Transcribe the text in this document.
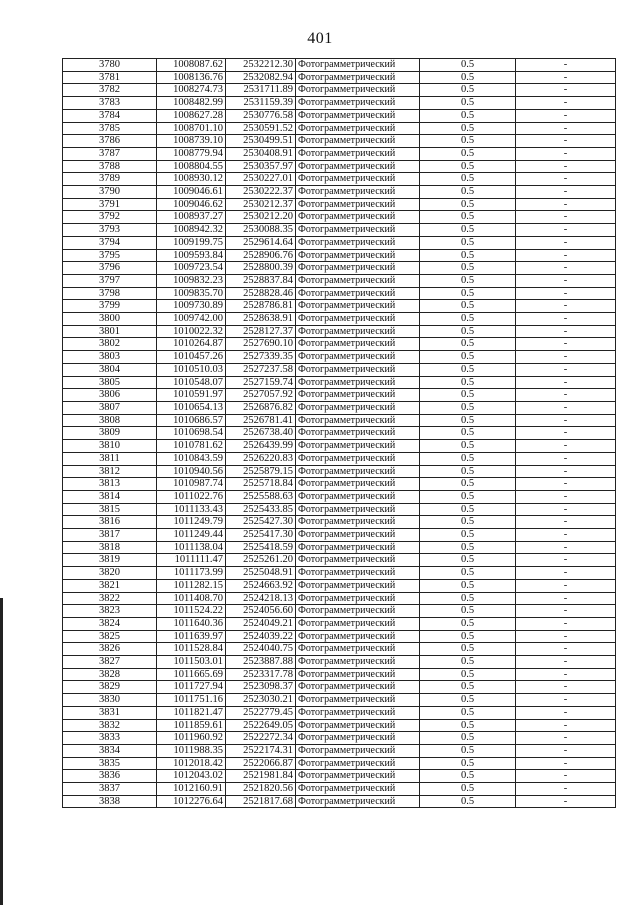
401
3780	1008087.62	2532212.30	Фотограмметрический	0.5	-
3781	1008136.76	2532082.94	Фотограмметрический	0.5	-
3782	1008274.73	2531711.89	Фотограмметрический	0.5	-
3783	1008482.99	2531159.39	Фотограмметрический	0.5	-
3784	1008627.28	2530776.58	Фотограмметрический	0.5	-
3785	1008701.10	2530591.52	Фотограмметрический	0.5	-
3786	1008739.10	2530499.51	Фотограмметрический	0.5	-
3787	1008779.94	2530408.91	Фотограмметрический	0.5	-
3788	1008804.55	2530357.97	Фотограмметрический	0.5	-
3789	1008930.12	2530227.01	Фотограмметрический	0.5	-
3790	1009046.61	2530222.37	Фотограмметрический	0.5	-
3791	1009046.62	2530212.37	Фотограмметрический	0.5	-
3792	1008937.27	2530212.20	Фотограмметрический	0.5	-
3793	1008942.32	2530088.35	Фотограмметрический	0.5	-
3794	1009199.75	2529614.64	Фотограмметрический	0.5	-
3795	1009593.84	2528906.76	Фотограмметрический	0.5	-
3796	1009723.54	2528800.39	Фотограмметрический	0.5	-
3797	1009832.23	2528837.84	Фотограмметрический	0.5	-
3798	1009835.70	2528828.46	Фотограмметрический	0.5	-
3799	1009730.89	2528786.81	Фотограмметрический	0.5	-
3800	1009742.00	2528638.91	Фотограмметрический	0.5	-
3801	1010022.32	2528127.37	Фотограмметрический	0.5	-
3802	1010264.87	2527690.10	Фотограмметрический	0.5	-
3803	1010457.26	2527339.35	Фотограмметрический	0.5	-
3804	1010510.03	2527237.58	Фотограмметрический	0.5	-
3805	1010548.07	2527159.74	Фотограмметрический	0.5	-
3806	1010591.97	2527057.92	Фотограмметрический	0.5	-
3807	1010654.13	2526876.82	Фотограмметрический	0.5	-
3808	1010686.57	2526781.41	Фотограмметрический	0.5	-
3809	1010698.54	2526738.40	Фотограмметрический	0.5	-
3810	1010781.62	2526439.99	Фотограмметрический	0.5	-
3811	1010843.59	2526220.83	Фотограмметрический	0.5	-
3812	1010940.56	2525879.15	Фотограмметрический	0.5	-
3813	1010987.74	2525718.84	Фотограмметрический	0.5	-
3814	1011022.76	2525588.63	Фотограмметрический	0.5	-
3815	1011133.43	2525433.85	Фотограмметрический	0.5	-
3816	1011249.79	2525427.30	Фотограмметрический	0.5	-
3817	1011249.44	2525417.30	Фотограмметрический	0.5	-
3818	1011138.04	2525418.59	Фотограмметрический	0.5	-
3819	1011111.47	2525261.20	Фотограмметрический	0.5	-
3820	1011173.99	2525048.91	Фотограмметрический	0.5	-
3821	1011282.15	2524663.92	Фотограмметрический	0.5	-
3822	1011408.70	2524218.13	Фотограмметрический	0.5	-
3823	1011524.22	2524056.60	Фотограмметрический	0.5	-
3824	1011640.36	2524049.21	Фотограмметрический	0.5	-
3825	1011639.97	2524039.22	Фотограмметрический	0.5	-
3826	1011528.84	2524040.75	Фотограмметрический	0.5	-
3827	1011503.01	2523887.88	Фотограмметрический	0.5	-
3828	1011665.69	2523317.78	Фотограмметрический	0.5	-
3829	1011727.94	2523098.37	Фотограмметрический	0.5	-
3830	1011751.16	2523030.21	Фотограмметрический	0.5	-
3831	1011821.47	2522779.45	Фотограмметрический	0.5	-
3832	1011859.61	2522649.05	Фотограмметрический	0.5	-
3833	1011960.92	2522272.34	Фотограмметрический	0.5	-
3834	1011988.35	2522174.31	Фотограмметрический	0.5	-
3835	1012018.42	2522066.87	Фотограмметрический	0.5	-
3836	1012043.02	2521981.84	Фотограмметрический	0.5	-
3837	1012160.91	2521820.56	Фотограмметрический	0.5	-
3838	1012276.64	2521817.68	Фотограмметрический	0.5	-
